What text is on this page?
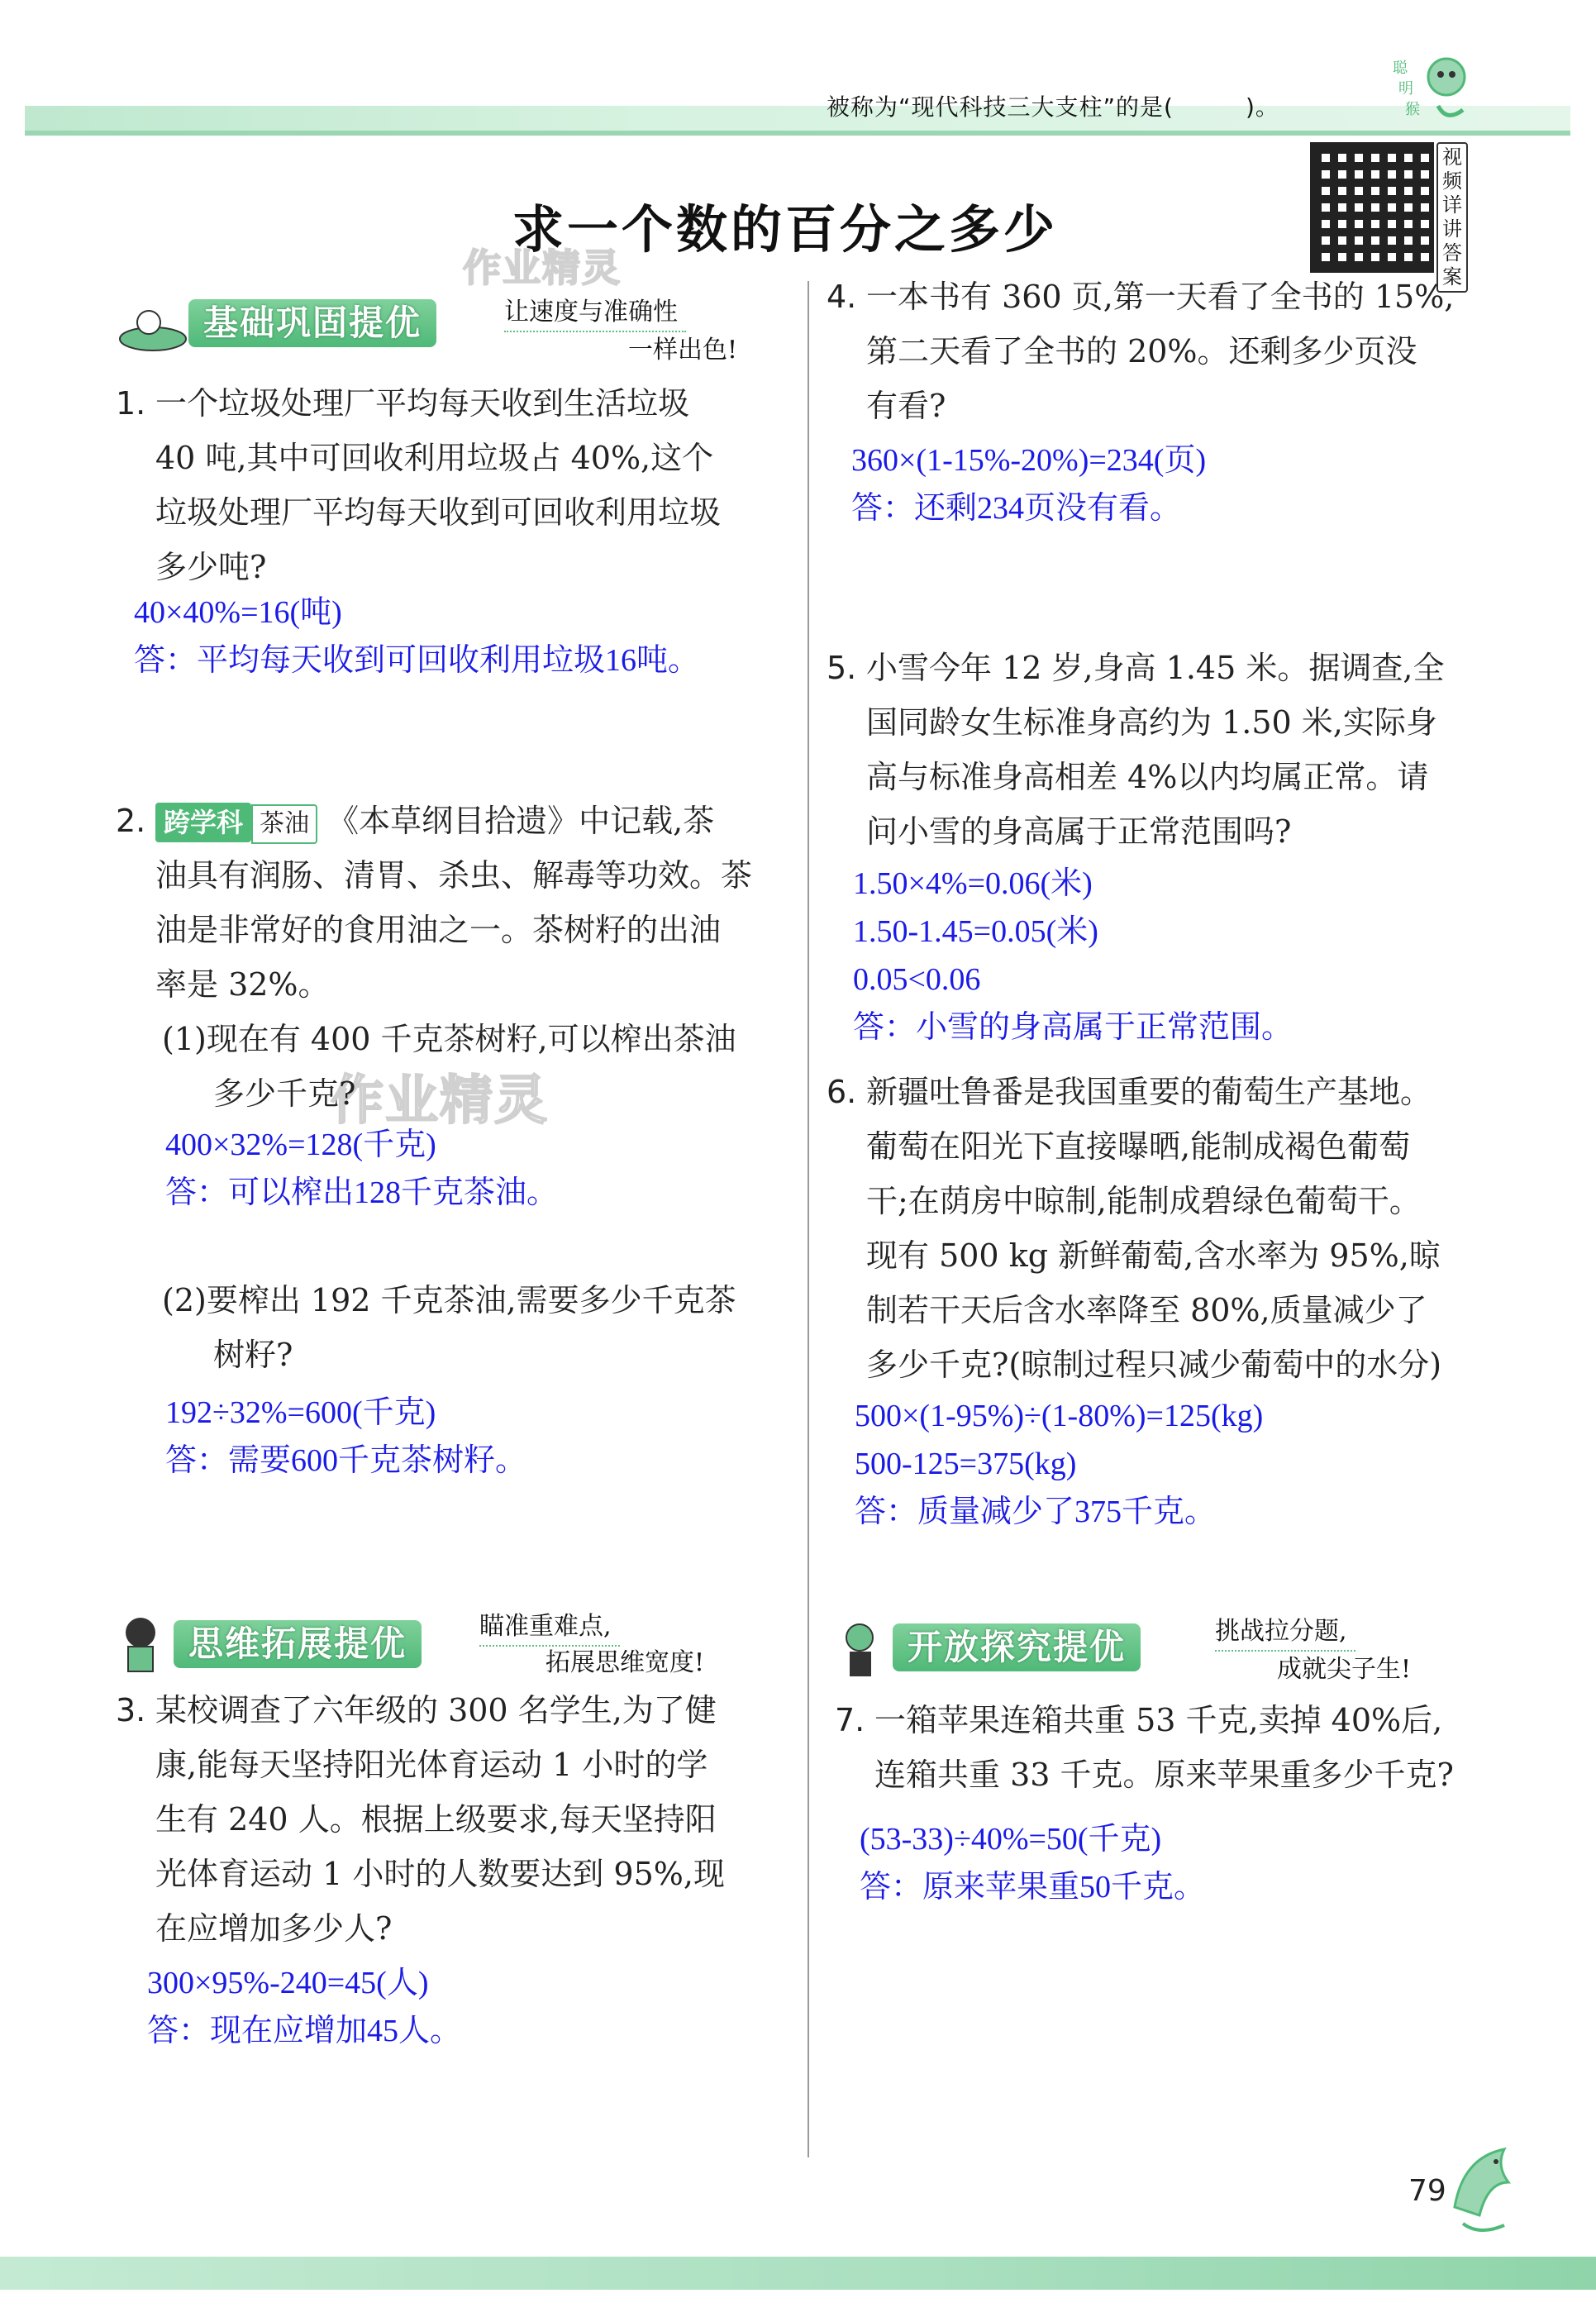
被称为“现代科技三大支柱”的是(　　　)。
聪
明
猴
视频详讲答案
求一个数的百分之多少
作业精灵
作业精灵
基础巩固提优	让速度与准确性
一样出色!

1. 一个垃圾处理厂平均每天收到生活垃圾

40 吨,其中可回收利用垃圾占 40%,这个

垃圾处理厂平均每天收到可回收利用垃圾

多少吨?

40×40%=16(吨)
答：平均每天收到可回收利用垃圾16吨。

2. 跨学科 茶油 《本草纲目拾遗》中记载,茶

油具有润肠、清胃、杀虫、解毒等功效。茶

油是非常好的食用油之一。茶树籽的出油

率是 32%。

(1)现在有 400 千克茶树籽,可以榨出茶油

多少千克?

400×32%=128(千克)
答：可以榨出128千克茶油。

(2)要榨出 192 千克茶油,需要多少千克茶

树籽?

192÷32%=600(千克)
答：需要600千克茶树籽。
思维拓展提优	瞄准重难点,
拓展思维宽度!

3. 某校调查了六年级的 300 名学生,为了健

康,能每天坚持阳光体育运动 1 小时的学

生有 240 人。根据上级要求,每天坚持阳

光体育运动 1 小时的人数要达到 95%,现

在应增加多少人?

300×95%-240=45(人)
答：现在应增加45人。

4. 一本书有 360 页,第一天看了全书的 15%,

第二天看了全书的 20%。还剩多少页没

有看?

360×(1-15%-20%)=234(页)
答：还剩234页没有看。

5. 小雪今年 12 岁,身高 1.45 米。据调查,全

国同龄女生标准身高约为 1.50 米,实际身

高与标准身高相差 4%以内均属正常。请

问小雪的身高属于正常范围吗?

1.50×4%=0.06(米)
1.50-1.45=0.05(米)
0.05<0.06
答：小雪的身高属于正常范围。

6. 新疆吐鲁番是我国重要的葡萄生产基地。

葡萄在阳光下直接曝晒,能制成褐色葡萄

干;在荫房中晾制,能制成碧绿色葡萄干。

现有 500 kg 新鲜葡萄,含水率为 95%,晾

制若干天后含水率降至 80%,质量减少了

多少千克?(晾制过程只减少葡萄中的水分)

500×(1-95%)÷(1-80%)=125(kg)
500-125=375(kg)
答：质量减少了375千克。
开放探究提优	挑战拉分题,
成就尖子生!

7. 一箱苹果连箱共重 53 千克,卖掉 40%后,

连箱共重 33 千克。原来苹果重多少千克?

(53-33)÷40%=50(千克)
答：原来苹果重50千克。
79
